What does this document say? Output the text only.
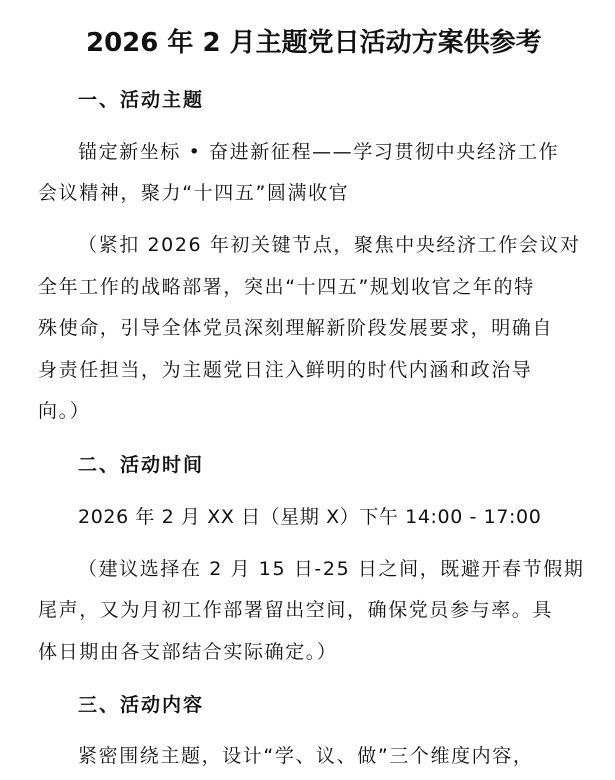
2026 年 2 月主题党日活动方案供参考
一、活动主题
锚定新坐标 • 奋进新征程——学习贯彻中央经济工作
会议精神，聚力“十四五”圆满收官
（紧扣 2026 年初关键节点，聚焦中央经济工作会议对
全年工作的战略部署，突出“十四五”规划收官之年的特
殊使命，引导全体党员深刻理解新阶段发展要求，明确自
身责任担当，为主题党日注入鲜明的时代内涵和政治导
向。）
二、活动时间
2026 年 2 月 XX 日（星期 X）下午 14:00 - 17:00
（建议选择在 2 月 15 日-25 日之间，既避开春节假期
尾声，又为月初工作部署留出空间，确保党员参与率。具
体日期由各支部结合实际确定。）
三、活动内容
紧密围绕主题，设计“学、议、做”三个维度内容，
